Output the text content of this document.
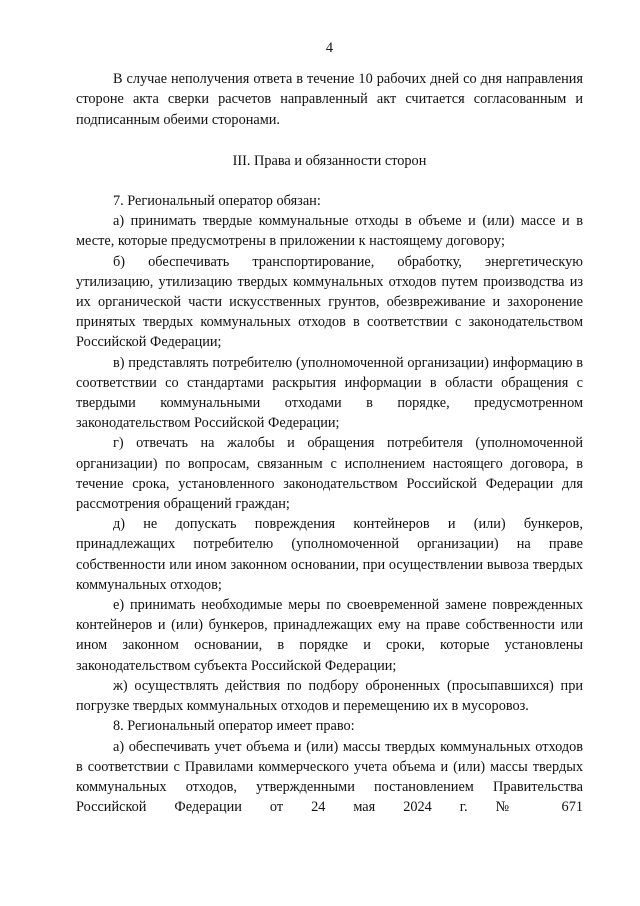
4

В случае неполучения ответа в течение 10 рабочих дней со дня направления стороне акта сверки расчетов направленный акт считается согласованным и подписанным обеими сторонами.

III. Права и обязанности сторон

7. Региональный оператор обязан:

а) принимать твердые коммунальные отходы в объеме и (или) массе и в месте, которые предусмотрены в приложении к настоящему договору;

б) обеспечивать транспортирование, обработку, энергетическую утилизацию, утилизацию твердых коммунальных отходов путем производства из их органической части искусственных грунтов, обезвреживание и захоронение принятых твердых коммунальных отходов в соответствии с законодательством Российской Федерации;

в) представлять потребителю (уполномоченной организации) информацию в соответствии со стандартами раскрытия информации в области обращения с твердыми коммунальными отходами в порядке, предусмотренном законодательством Российской Федерации;

г) отвечать на жалобы и обращения потребителя (уполномоченной организации) по вопросам, связанным с исполнением настоящего договора, в течение срока, установленного законодательством Российской Федерации для рассмотрения обращений граждан;

д) не допускать повреждения контейнеров и (или) бункеров, принадлежащих потребителю (уполномоченной организации) на праве собственности или ином законном основании, при осуществлении вывоза твердых коммунальных отходов;

е) принимать необходимые меры по своевременной замене поврежденных контейнеров и (или) бункеров, принадлежащих ему на праве собственности или ином законном основании, в порядке и сроки, которые установлены законодательством субъекта Российской Федерации;

ж) осуществлять действия по подбору оброненных (просыпавшихся) при погрузке твердых коммунальных отходов и перемещению их в мусоровоз.

8. Региональный оператор имеет право:

а) обеспечивать учет объема и (или) массы твердых коммунальных отходов в соответствии с Правилами коммерческого учета объема и (или) массы твердых коммунальных отходов, утвержденными постановлением Правительства Российской Федерации от 24 мая 2024 г. № 671
